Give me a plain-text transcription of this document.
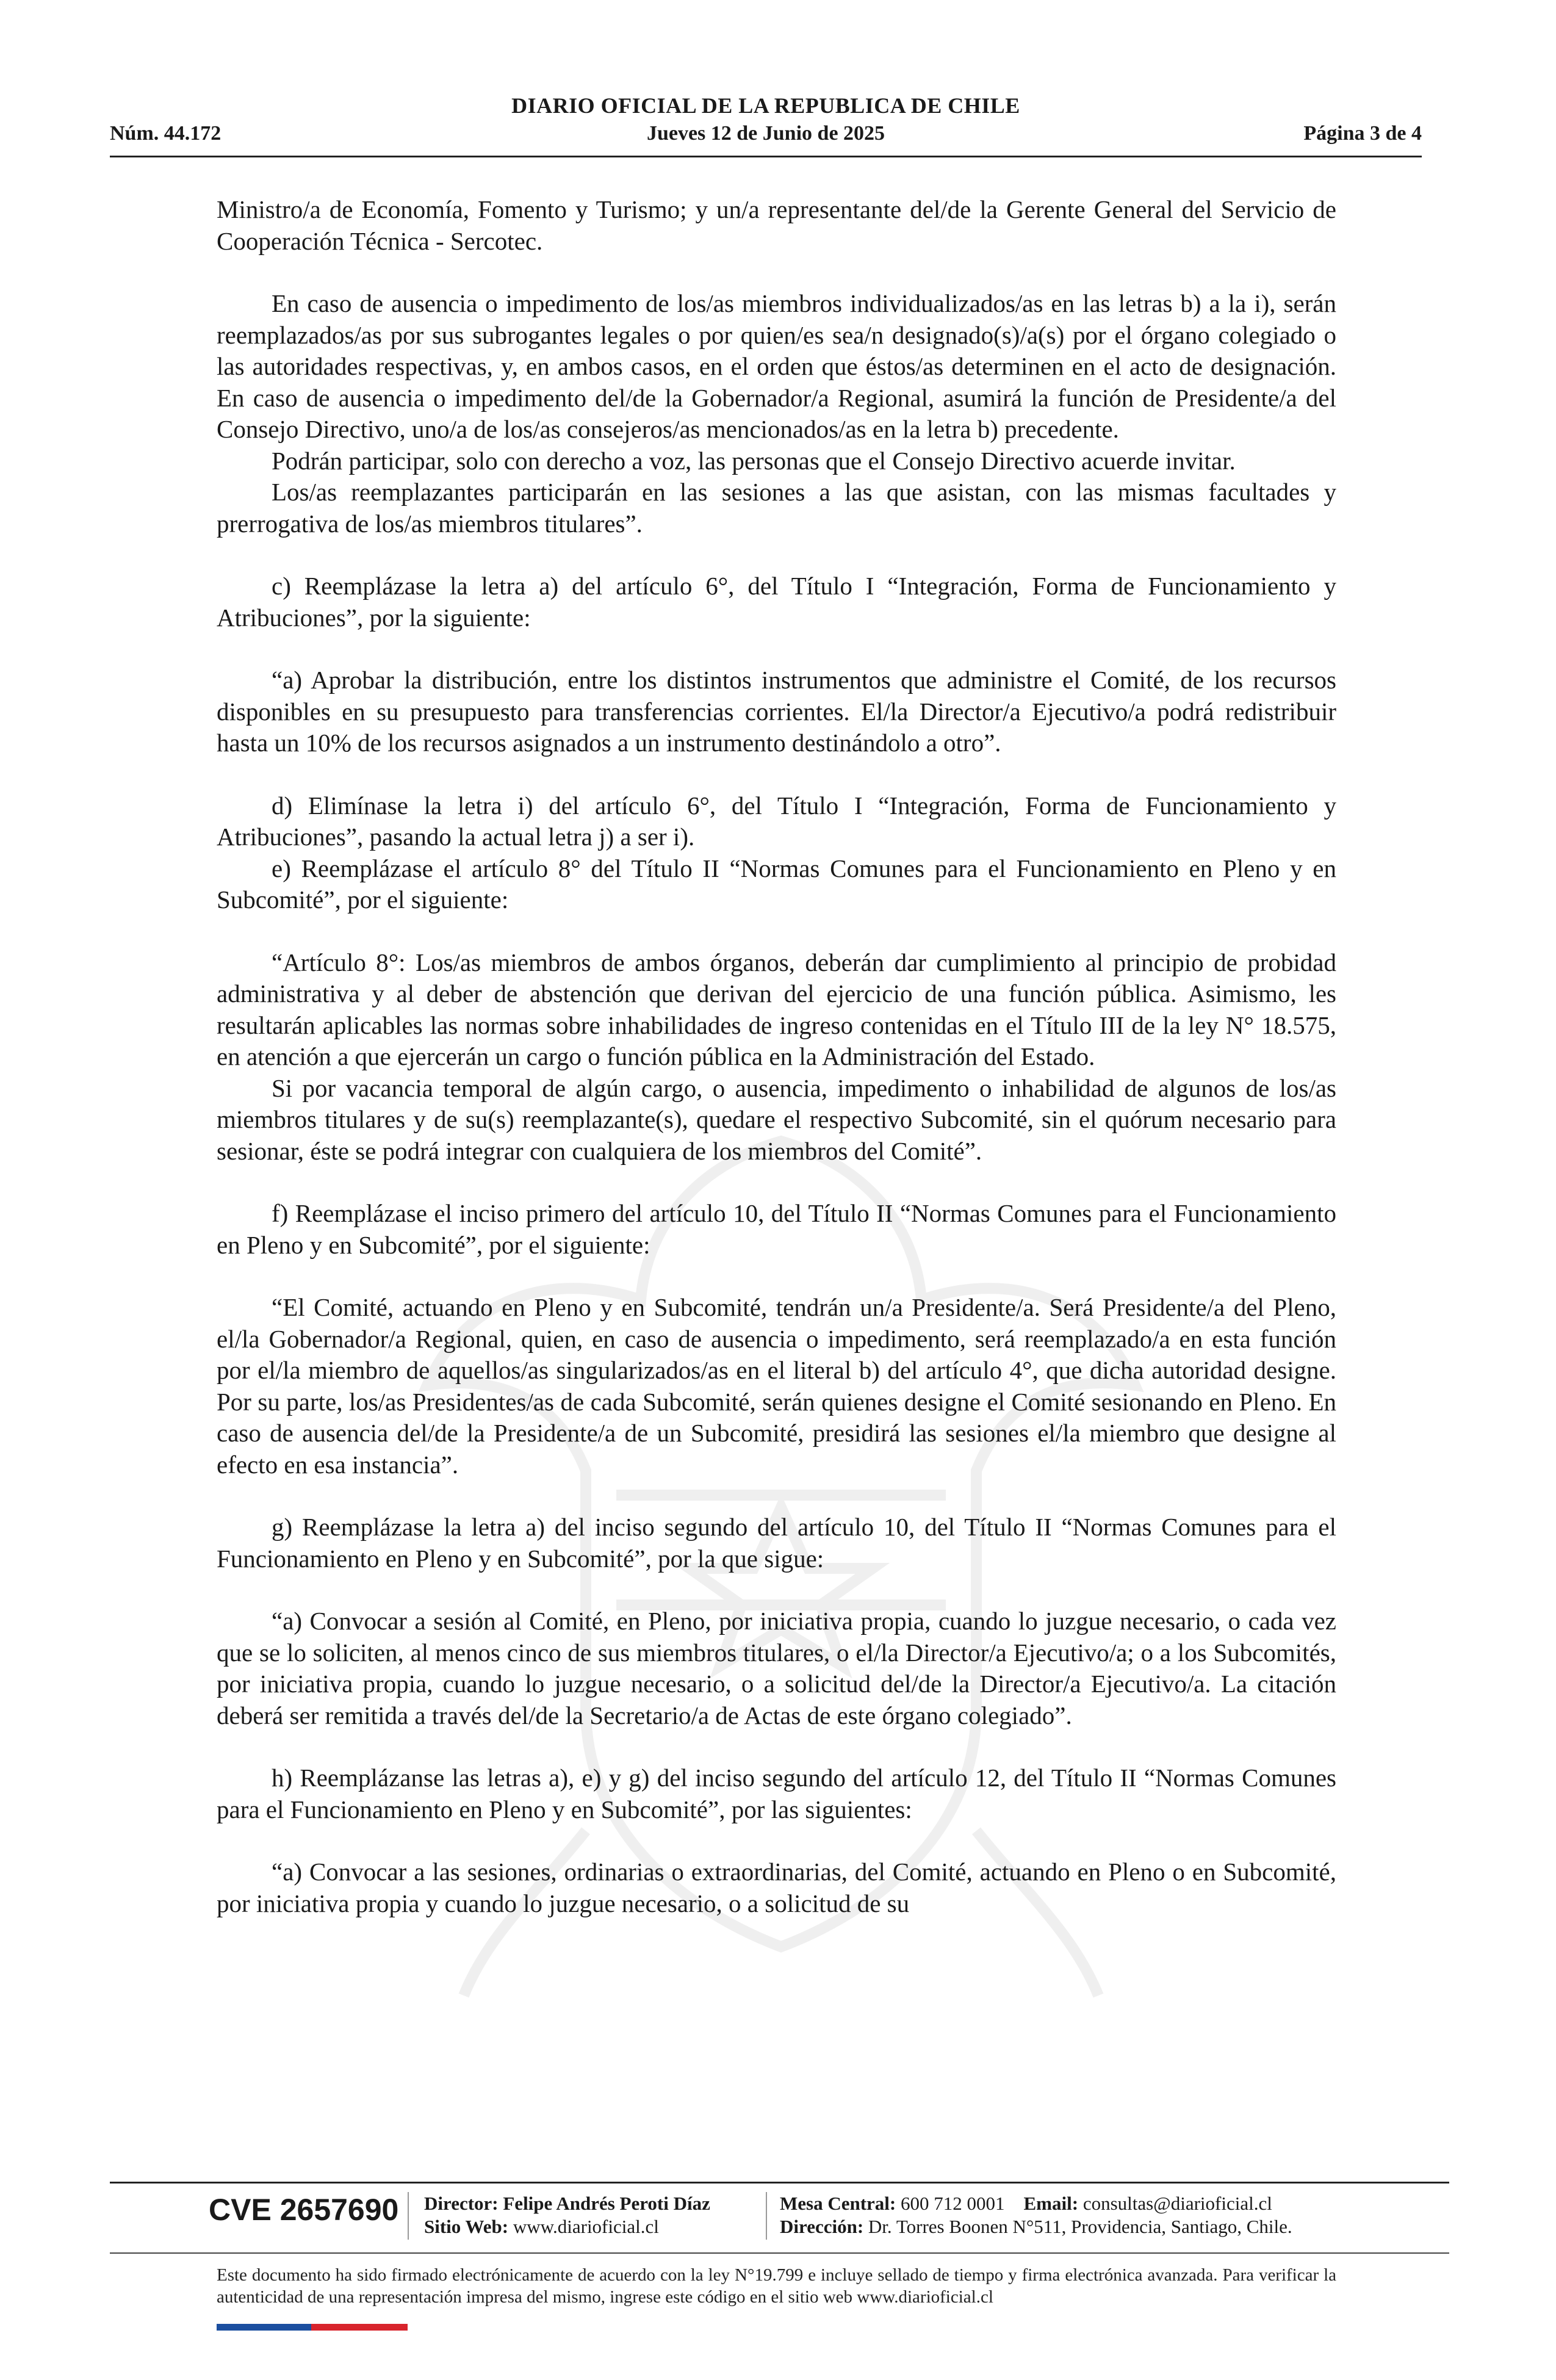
DIARIO OFICIAL DE LA REPUBLICA DE CHILE
Núm. 44.172	Jueves 12 de Junio de 2025	Página 3 de 4

Ministro/a de Economía, Fomento y Turismo; y un/a representante del/de la Gerente General del Servicio de Cooperación Técnica - Sercotec.

En caso de ausencia o impedimento de los/as miembros individualizados/as en las letras b) a la i), serán reemplazados/as por sus subrogantes legales o por quien/es sea/n designado(s)/a(s) por el órgano colegiado o las autoridades respectivas, y, en ambos casos, en el orden que éstos/as determinen en el acto de designación. En caso de ausencia o impedimento del/de la Gobernador/a Regional, asumirá la función de Presidente/a del Consejo Directivo, uno/a de los/as consejeros/as mencionados/as en la letra b) precedente.

Podrán participar, solo con derecho a voz, las personas que el Consejo Directivo acuerde invitar.

Los/as reemplazantes participarán en las sesiones a las que asistan, con las mismas facultades y prerrogativa de los/as miembros titulares”.

c) Reemplázase la letra a) del artículo 6°, del Título I “Integración, Forma de Funcionamiento y Atribuciones”, por la siguiente:

“a) Aprobar la distribución, entre los distintos instrumentos que administre el Comité, de los recursos disponibles en su presupuesto para transferencias corrientes. El/la Director/a Ejecutivo/a podrá redistribuir hasta un 10% de los recursos asignados a un instrumento destinándolo a otro”.

d) Elimínase la letra i) del artículo 6°, del Título I “Integración, Forma de Funcionamiento y Atribuciones”, pasando la actual letra j) a ser i).

e) Reemplázase el artículo 8° del Título II “Normas Comunes para el Funcionamiento en Pleno y en Subcomité”, por el siguiente:

“Artículo 8°: Los/as miembros de ambos órganos, deberán dar cumplimiento al principio de probidad administrativa y al deber de abstención que derivan del ejercicio de una función pública. Asimismo, les resultarán aplicables las normas sobre inhabilidades de ingreso contenidas en el Título III de la ley N° 18.575, en atención a que ejercerán un cargo o función pública en la Administración del Estado.

Si por vacancia temporal de algún cargo, o ausencia, impedimento o inhabilidad de algunos de los/as miembros titulares y de su(s) reemplazante(s), quedare el respectivo Subcomité, sin el quórum necesario para sesionar, éste se podrá integrar con cualquiera de los miembros del Comité”.

f) Reemplázase el inciso primero del artículo 10, del Título II “Normas Comunes para el Funcionamiento en Pleno y en Subcomité”, por el siguiente:

“El Comité, actuando en Pleno y en Subcomité, tendrán un/a Presidente/a. Será Presidente/a del Pleno, el/la Gobernador/a Regional, quien, en caso de ausencia o impedimento, será reemplazado/a en esta función por el/la miembro de aquellos/as singularizados/as en el literal b) del artículo 4°, que dicha autoridad designe. Por su parte, los/as Presidentes/as de cada Subcomité, serán quienes designe el Comité sesionando en Pleno. En caso de ausencia del/de la Presidente/a de un Subcomité, presidirá las sesiones el/la miembro que designe al efecto en esa instancia”.

g) Reemplázase la letra a) del inciso segundo del artículo 10, del Título II “Normas Comunes para el Funcionamiento en Pleno y en Subcomité”, por la que sigue:

“a) Convocar a sesión al Comité, en Pleno, por iniciativa propia, cuando lo juzgue necesario, o cada vez que se lo soliciten, al menos cinco de sus miembros titulares, o el/la Director/a Ejecutivo/a; o a los Subcomités, por iniciativa propia, cuando lo juzgue necesario, o a solicitud del/de la Director/a Ejecutivo/a. La citación deberá ser remitida a través del/de la Secretario/a de Actas de este órgano colegiado”.

h) Reemplázanse las letras a), e) y g) del inciso segundo del artículo 12, del Título II “Normas Comunes para el Funcionamiento en Pleno y en Subcomité”, por las siguientes:

“a) Convocar a las sesiones, ordinarias o extraordinarias, del Comité, actuando en Pleno o en Subcomité, por iniciativa propia y cuando lo juzgue necesario, o a solicitud de su

CVE 2657690 Director: Felipe Andrés Peroti Díaz
Sitio Web: www.diarioficial.cl
Mesa Central: 600 712 0001 Email: consultas@diarioficial.cl
Dirección: Dr. Torres Boonen N°511, Providencia, Santiago, Chile.
Este documento ha sido firmado electrónicamente de acuerdo con la ley N°19.799 e incluye sellado de tiempo y firma electrónica avanzada. Para verificar la autenticidad de una representación impresa del mismo, ingrese este código en el sitio web www.diarioficial.cl
